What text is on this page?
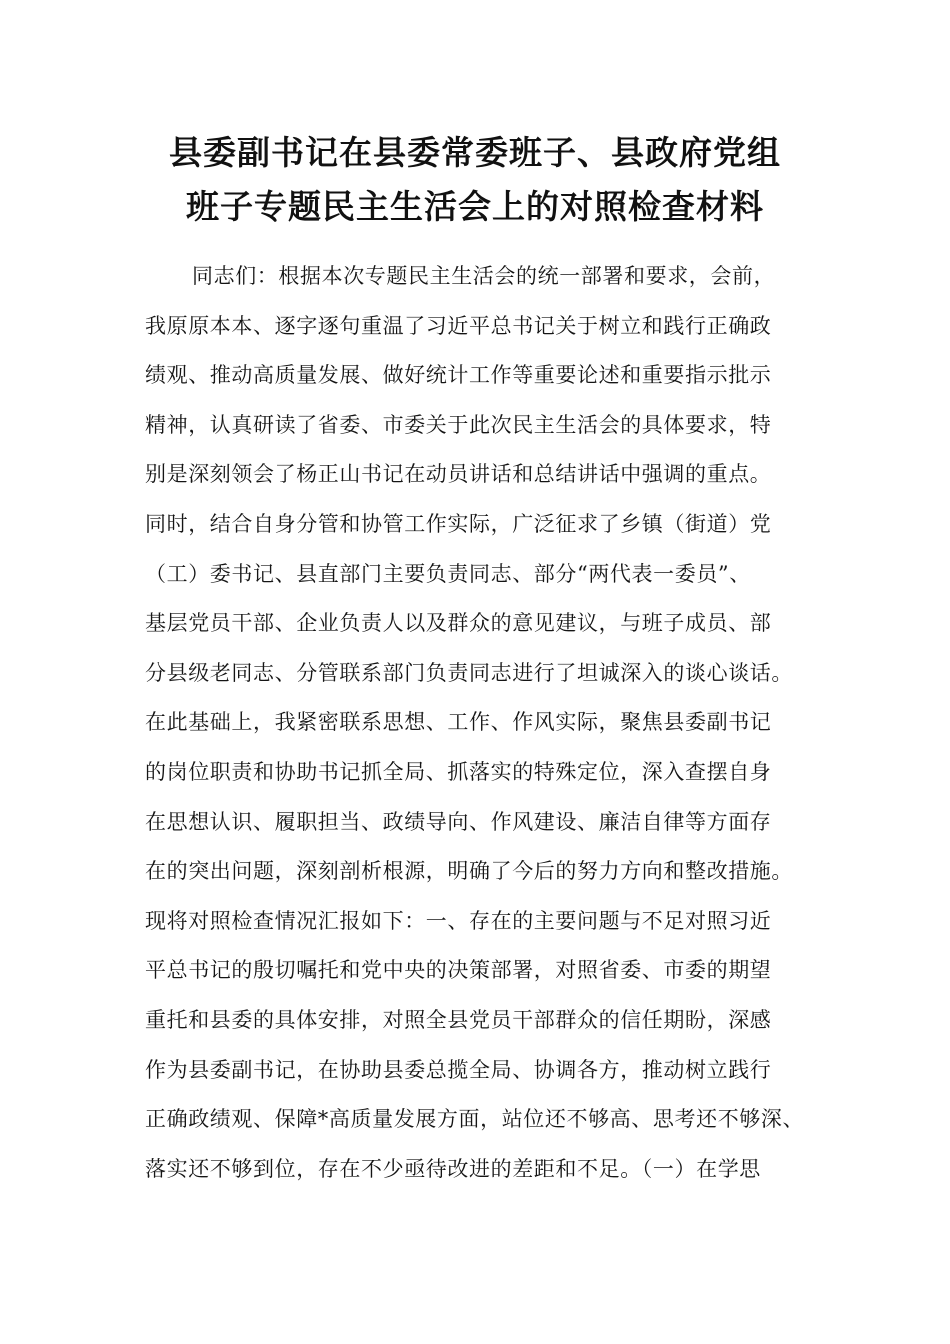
县委副书记在县委常委班子、县政府党组
班子专题民主生活会上的对照检查材料
同志们：根据本次专题民主生活会的统一部署和要求，会前，
我原原本本、逐字逐句重温了习近平总书记关于树立和践行正确政
绩观、推动高质量发展、做好统计工作等重要论述和重要指示批示
精神，认真研读了省委、市委关于此次民主生活会的具体要求，特
别是深刻领会了杨正山书记在动员讲话和总结讲话中强调的重点。
同时，结合自身分管和协管工作实际，广泛征求了乡镇（街道）党
（工）委书记、县直部门主要负责同志、部分“两代表一委员”、
基层党员干部、企业负责人以及群众的意见建议，与班子成员、部
分县级老同志、分管联系部门负责同志进行了坦诚深入的谈心谈话。
在此基础上，我紧密联系思想、工作、作风实际，聚焦县委副书记
的岗位职责和协助书记抓全局、抓落实的特殊定位，深入查摆自身
在思想认识、履职担当、政绩导向、作风建设、廉洁自律等方面存
在的突出问题，深刻剖析根源，明确了今后的努力方向和整改措施。
现将对照检查情况汇报如下：一、存在的主要问题与不足对照习近
平总书记的殷切嘱托和党中央的决策部署，对照省委、市委的期望
重托和县委的具体安排，对照全县党员干部群众的信任期盼，深感
作为县委副书记，在协助县委总揽全局、协调各方，推动树立践行
正确政绩观、保障*高质量发展方面，站位还不够高、思考还不够深、
落实还不够到位，存在不少亟待改进的差距和不足。（一）在学思
